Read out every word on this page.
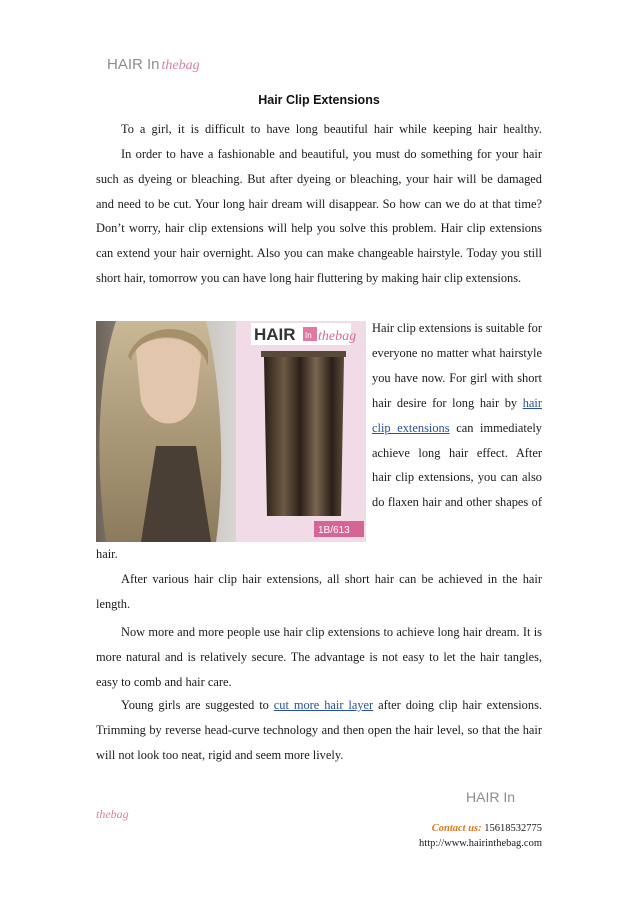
HAIR In thebag
Hair Clip Extensions

To a girl, it is difficult to have long beautiful hair while keeping hair healthy.

In order to have a fashionable and beautiful, you must do something for your hair such as dyeing or bleaching. But after dyeing or bleaching, your hair will be damaged and need to be cut. Your long hair dream will disappear. So how can we do at that time? Don’t worry, hair clip extensions will help you solve this problem. Hair clip extensions can extend your hair overnight. Also you can make changeable hairstyle. Today you still short hair, tomorrow you can have long hair fluttering by making hair clip extensions.

HAIR In thebag
1B/613

Hair clip extensions is suitable for everyone no matter what hairstyle you have now. For girl with short hair desire for long hair by hair clip extensions can immediately achieve long hair effect. After hair clip extensions, you can also do flaxen hair and other shapes of

hair.

After various hair clip hair extensions, all short hair can be achieved in the hair length.

Now more and more people use hair clip extensions to achieve long hair dream. It is more natural and is relatively secure. The advantage is not easy to let the hair tangles, easy to comb and hair care.

Young girls are suggested to cut more hair layer after doing clip hair extensions. Trimming by reverse head-curve technology and then open the hair level, so that the hair will not look too neat, rigid and seem more lively.

HAIR In
thebag
Contact us: 15618532775
http://www.hairinthebag.com
